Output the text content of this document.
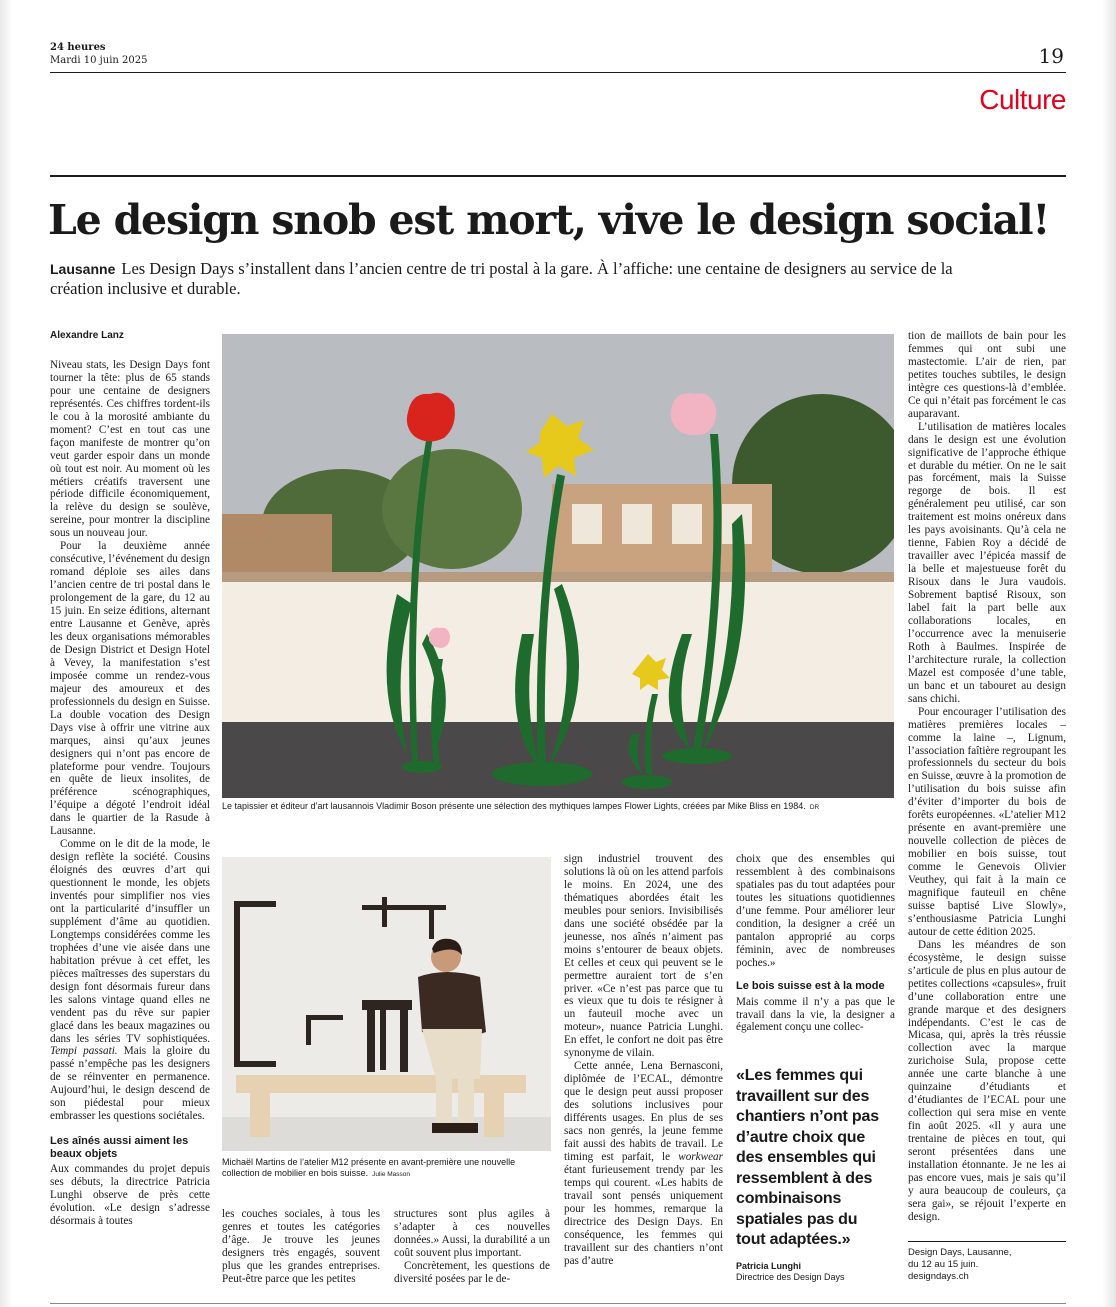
24 heures
Mardi 10 juin 2025	19
Culture
Le design snob est mort, vive le design social!
Lausanne Les Design Days s’installent dans l’ancien centre de tri postal à la gare. À l’affiche: une centaine de designers au service de la création inclusive et durable.
Alexandre Lanz

Niveau stats, les Design Days font tourner la tête: plus de 65 stands pour une centaine de designers représentés. Ces chiffres tordent-ils le cou à la morosité ambiante du moment? C’est en tout cas une façon manifeste de montrer qu’on veut garder espoir dans un monde où tout est noir. Au moment où les métiers créatifs traversent une période difficile économiquement, la relève du design se soulève, sereine, pour montrer la discipline sous un nouveau jour.

Pour la deuxième année consécutive, l’événement du design romand déploie ses ailes dans l’ancien centre de tri postal dans le prolongement de la gare, du 12 au 15 juin. En seize éditions, alternant entre Lausanne et Genève, après les deux organisations mémorables de Design District et Design Hotel à Vevey, la manifestation s’est imposée comme un rendez-vous majeur des amoureux et des professionnels du design en Suisse. La double vocation des Design Days vise à offrir une vitrine aux marques, ainsi qu’aux jeunes designers qui n’ont pas encore de plateforme pour vendre. Toujours en quête de lieux insolites, de préférence scénographiques, l’équipe a dégoté l’endroit idéal dans le quartier de la Rasude à Lausanne.

Comme on le dit de la mode, le design reflète la société. Cousins éloignés des œuvres d’art qui questionnent le monde, les objets inventés pour simplifier nos vies ont la particularité d’insuffler un supplément d’âme au quotidien. Longtemps considérées comme les trophées d’une vie aisée dans une habitation prévue à cet effet, les pièces maîtresses des superstars du design font désormais fureur dans les salons vintage quand elles ne vendent pas du rêve sur papier glacé dans les beaux magazines ou dans les séries TV sophistiquées. Tempi passati. Mais la gloire du passé n’empêche pas les designers de se réinventer en permanence. Aujourd’hui, le design descend de son piédestal pour mieux embrasser les questions sociétales.

Les aînés aussi aiment les beaux objets

Aux commandes du projet depuis ses débuts, la directrice Patricia Lunghi observe de près cette évolution. «Le design s’adresse désormais à toutes

Le tapissier et éditeur d’art lausannois Vladimir Boson présente une sélection des mythiques lampes Flower Lights, créées par Mike Bliss en 1984. DR
Michaël Martins de l’atelier M12 présente en avant-première une nouvelle collection de mobilier en bois suisse. Julie Masson

les couches sociales, à tous les genres et toutes les catégories d’âge. Je trouve les jeunes designers très engagés, souvent plus que les grandes entreprises. Peut-être parce que les petites

structures sont plus agiles à s’adapter à ces nouvelles données.» Aussi, la durabilité a un coût souvent plus important.

Concrètement, les questions de diversité posées par le de-

sign industriel trouvent des solutions là où on les attend parfois le moins. En 2024, une des thématiques abordées était les meubles pour seniors. Invisibilisés dans une société obsédée par la jeunesse, nos aînés n’aiment pas moins s’entourer de beaux objets. Et celles et ceux qui peuvent se le permettre auraient tort de s’en priver. «Ce n’est pas parce que tu es vieux que tu dois te résigner à un fauteuil moche avec un moteur», nuance Patricia Lunghi. En effet, le confort ne doit pas être synonyme de vilain.

Cette année, Lena Bernasconi, diplômée de l’ECAL, démontre que le design peut aussi proposer des solutions inclusives pour différents usages. En plus de ses sacs non genrés, la jeune femme fait aussi des habits de travail. Le timing est parfait, le workwear étant furieusement trendy par les temps qui courent. «Les habits de travail sont pensés uniquement pour les hommes, remarque la directrice des Design Days. En conséquence, les femmes qui travaillent sur des chantiers n’ont pas d’autre

choix que des ensembles qui ressemblent à des combinaisons spatiales pas du tout adaptées pour toutes les situations quotidiennes d’une femme. Pour améliorer leur condition, la designer a créé un pantalon approprié au corps féminin, avec de nombreuses poches.»

Le bois suisse est à la mode

Mais comme il n’y a pas que le travail dans la vie, la designer a également conçu une collec-

«Les femmes qui travaillent sur des chantiers n’ont pas d’autre choix que des ensembles qui ressemblent à des combinaisons spatiales pas du tout adaptées.»
Patricia Lunghi
Directrice des Design Days

tion de maillots de bain pour les femmes qui ont subi une mastectomie. L’air de rien, par petites touches subtiles, le design intègre ces questions-là d’emblée. Ce qui n’était pas forcément le cas auparavant.

L’utilisation de matières locales dans le design est une évolution significative de l’approche éthique et durable du métier. On ne le sait pas forcément, mais la Suisse regorge de bois. Il est généralement peu utilisé, car son traitement est moins onéreux dans les pays avoisinants. Qu’à cela ne tienne, Fabien Roy a décidé de travailler avec l’épicéa massif de la belle et majestueuse forêt du Risoux dans le Jura vaudois. Sobrement baptisé Risoux, son label fait la part belle aux collaborations locales, en l’occurrence avec la menuiserie Roth à Baulmes. Inspirée de l’architecture rurale, la collection Mazel est composée d’une table, un banc et un tabouret au design sans chichi.

Pour encourager l’utilisation des matières premières locales – comme la laine –, Lignum, l’association faîtière regroupant les professionnels du secteur du bois en Suisse, œuvre à la promotion de l’utilisation du bois suisse afin d’éviter d’importer du bois de forêts européennes. «L’atelier M12 présente en avant-première une nouvelle collection de pièces de mobilier en bois suisse, tout comme le Genevois Olivier Veuthey, qui fait à la main ce magnifique fauteuil en chêne suisse baptisé Live Slowly», s’enthousiasme Patricia Lunghi autour de cette édition 2025.

Dans les méandres de son écosystème, le design suisse s’articule de plus en plus autour de petites collections «capsules», fruit d’une collaboration entre une grande marque et des designers indépendants. C’est le cas de Micasa, qui, après la très réussie collection avec la marque zurichoise Sula, propose cette année une carte blanche à une quinzaine d’étudiants et d’étudiantes de l’ECAL pour une collection qui sera mise en vente fin août 2025. «Il y aura une trentaine de pièces en tout, qui seront présentées dans une installation étonnante. Je ne les ai pas encore vues, mais je sais qu’il y aura beaucoup de couleurs, ça sera gai», se réjouit l’experte en design.

Design Days, Lausanne,
du 12 au 15 juin.
designdays.ch
